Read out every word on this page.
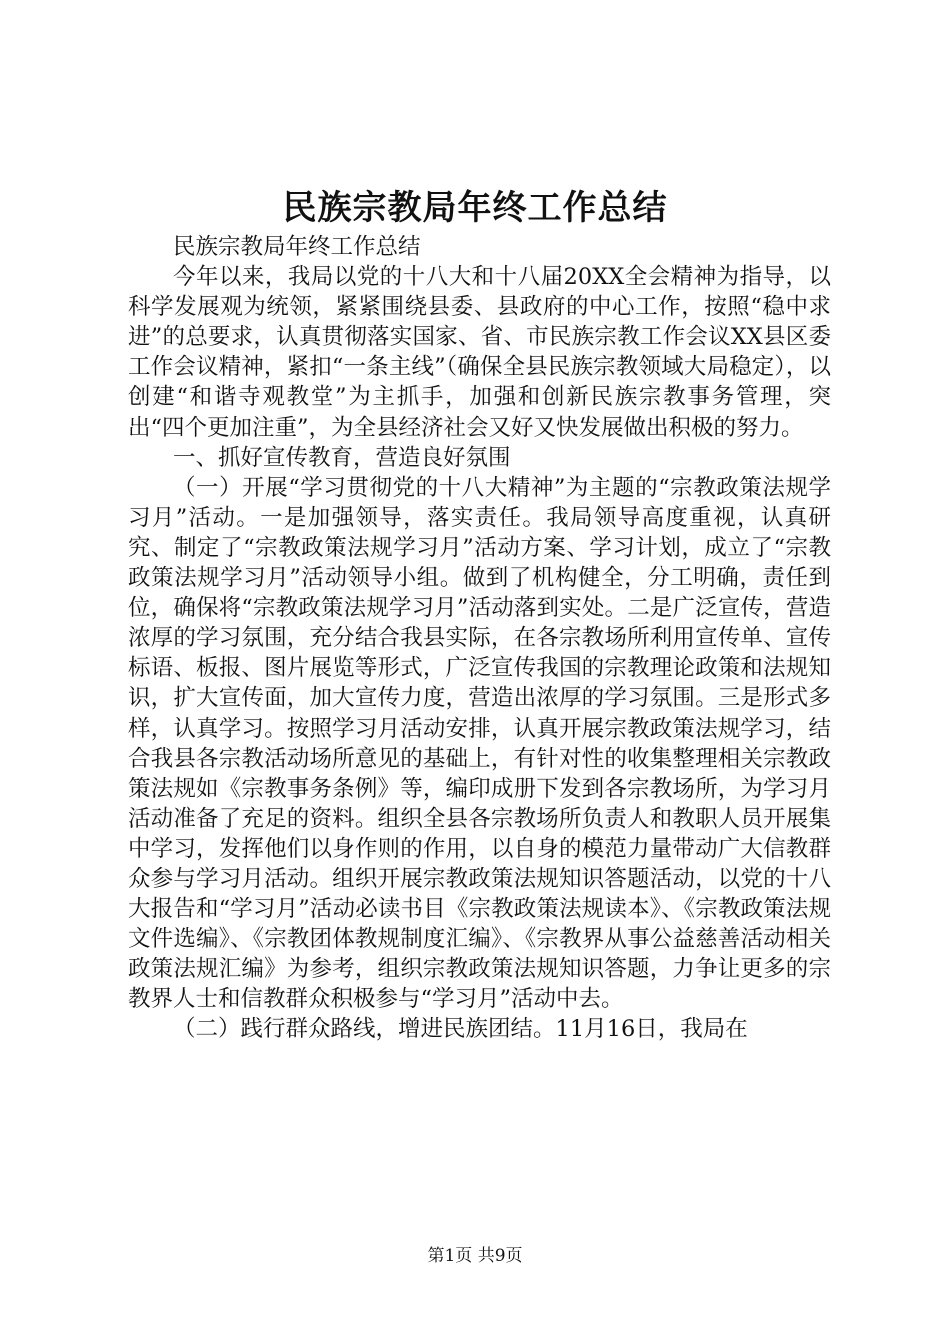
民族宗教局年终工作总结

民族宗教局年终工作总结

今年以来，我局以党的十八大和十八届20XX全会精神为指导，以科学发展观为统领，紧紧围绕县委、县政府的中心工作，按照“稳中求进”的总要求，认真贯彻落实国家、省、市民族宗教工作会议XX县区委工作会议精神，紧扣“一条主线”（确保全县民族宗教领域大局稳定），以创建“和谐寺观教堂”为主抓手，加强和创新民族宗教事务管理，突出“四个更加注重”，为全县经济社会又好又快发展做出积极的努力。

一、抓好宣传教育，营造良好氛围

（一）开展“学习贯彻党的十八大精神”为主题的“宗教政策法规学习月”活动。一是加强领导，落实责任。我局领导高度重视，认真研究、制定了“宗教政策法规学习月”活动方案、学习计划，成立了“宗教政策法规学习月”活动领导小组。做到了机构健全，分工明确，责任到位，确保将“宗教政策法规学习月”活动落到实处。二是广泛宣传，营造浓厚的学习氛围，充分结合我县实际，在各宗教场所利用宣传单、宣传标语、板报、图片展览等形式，广泛宣传我国的宗教理论政策和法规知识，扩大宣传面，加大宣传力度，营造出浓厚的学习氛围。三是形式多样，认真学习。按照学习月活动安排，认真开展宗教政策法规学习，结合我县各宗教活动场所意见的基础上，有针对性的收集整理相关宗教政策法规如《宗教事务条例》等，编印成册下发到各宗教场所，为学习月活动准备了充足的资料。组织全县各宗教场所负责人和教职人员开展集中学习，发挥他们以身作则的作用，以自身的模范力量带动广大信教群众参与学习月活动。组织开展宗教政策法规知识答题活动，以党的十八大报告和“学习月”活动必读书目《宗教政策法规读本》、《宗教政策法规文件选编》、《宗教团体教规制度汇编》、《宗教界从事公益慈善活动相关政策法规汇编》为参考，组织宗教政策法规知识答题，力争让更多的宗教界人士和信教群众积极参与“学习月”活动中去。

（二）践行群众路线，增进民族团结。11月16日，我局在

第1页 共9页
